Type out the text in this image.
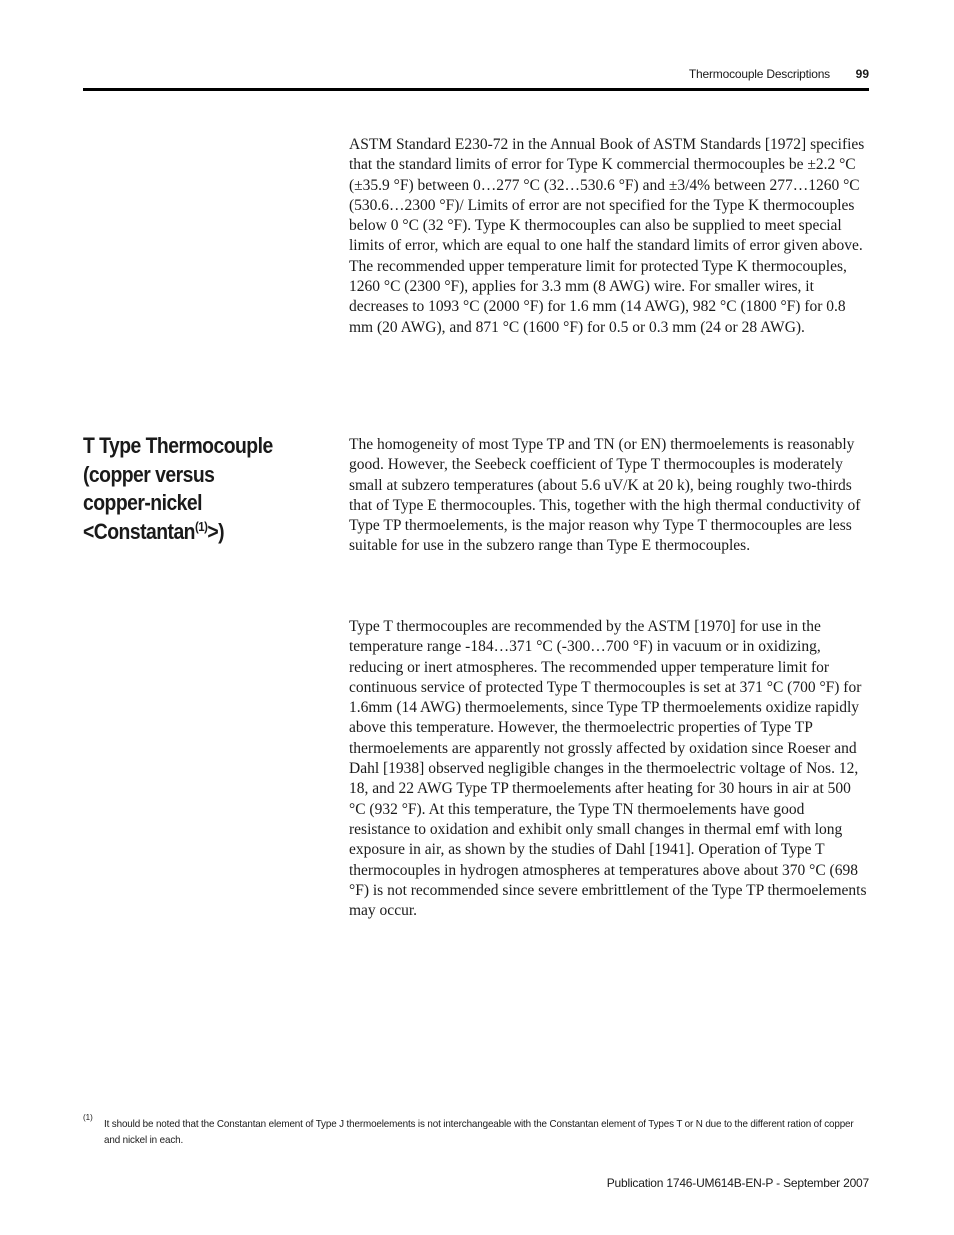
Thermocouple Descriptions 99

ASTM Standard E230-72 in the Annual Book of ASTM Standards [1972] specifies that the standard limits of error for Type K commercial thermocouples be ±2.2 °C (±35.9 °F) between 0…277 °C (32…530.6 °F) and ±3/4% between 277…1260 °C (530.6…2300 °F)/ Limits of error are not specified for the Type K thermocouples below 0 °C (32 °F). Type K thermocouples can also be supplied to meet special limits of error, which are equal to one half the standard limits of error given above. The recommended upper temperature limit for protected Type K thermocouples, 1260 °C (2300 °F), applies for 3.3 mm (8 AWG) wire. For smaller wires, it decreases to 1093 °C (2000 °F) for 1.6 mm (14 AWG), 982 °C (1800 °F) for 0.8 mm (20 AWG), and 871 °C (1600 °F) for 0.5 or 0.3 mm (24 or 28 AWG).

T Type Thermocouple
(copper versus
copper-nickel
<Constantan$^{(1)}$>)

The homogeneity of most Type TP and TN (or EN) thermoelements is reasonably good. However, the Seebeck coefficient of Type T thermocouples is moderately small at subzero temperatures (about 5.6 uV/K at 20 k), being roughly two-thirds that of Type E thermocouples. This, together with the high thermal conductivity of Type TP thermoelements, is the major reason why Type T thermocouples are less suitable for use in the subzero range than Type E thermocouples.

Type T thermocouples are recommended by the ASTM [1970] for use in the temperature range -184…371 °C (-300…700 °F) in vacuum or in oxidizing, reducing or inert atmospheres. The recommended upper temperature limit for continuous service of protected Type T thermocouples is set at 371 °C (700 °F) for 1.6mm (14 AWG) thermoelements, since Type TP thermoelements oxidize rapidly above this temperature. However, the thermoelectric properties of Type TP thermoelements are apparently not grossly affected by oxidation since Roeser and Dahl [1938] observed negligible changes in the thermoelectric voltage of Nos. 12, 18, and 22 AWG Type TP thermoelements after heating for 30 hours in air at 500 °C (932 °F). At this temperature, the Type TN thermoelements have good resistance to oxidation and exhibit only small changes in thermal emf with long exposure in air, as shown by the studies of Dahl [1941]. Operation of Type T thermocouples in hydrogen atmospheres at temperatures above about 370 °C (698 °F) is not recommended since severe embrittlement of the Type TP thermoelements may occur.

(1)

It should be noted that the Constantan element of Type J thermoelements is not interchangeable with the Constantan element of Types T or N due to the different ration of copper and nickel in each.

Publication 1746-UM614B-EN-P - September 2007
